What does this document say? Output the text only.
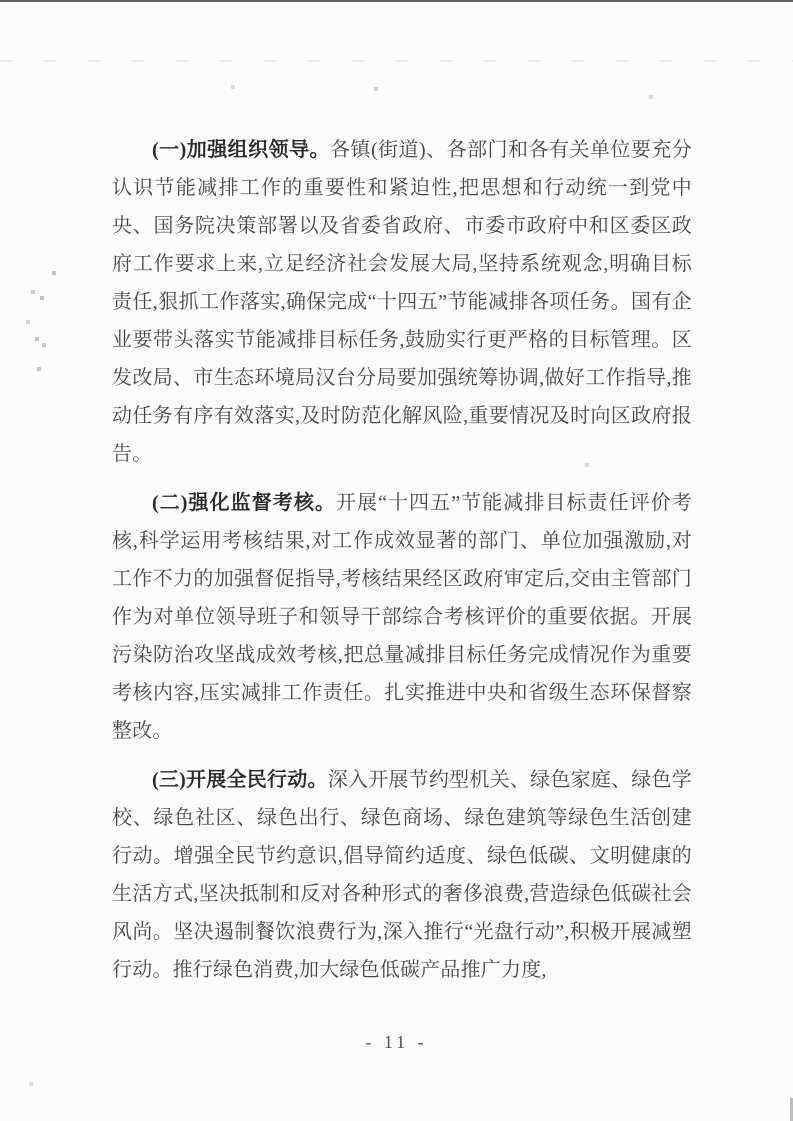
(一)加强组织领导。各镇(街道)、各部门和各有关单位要充分认识节能减排工作的重要性和紧迫性,把思想和行动统一到党中央、国务院决策部署以及省委省政府、市委市政府中和区委区政府工作要求上来,立足经济社会发展大局,坚持系统观念,明确目标责任,狠抓工作落实,确保完成“十四五”节能减排各项任务。国有企业要带头落实节能减排目标任务,鼓励实行更严格的目标管理。区发改局、市生态环境局汉台分局要加强统筹协调,做好工作指导,推动任务有序有效落实,及时防范化解风险,重要情况及时向区政府报告。

(二)强化监督考核。开展“十四五”节能减排目标责任评价考核,科学运用考核结果,对工作成效显著的部门、单位加强激励,对工作不力的加强督促指导,考核结果经区政府审定后,交由主管部门作为对单位领导班子和领导干部综合考核评价的重要依据。开展污染防治攻坚战成效考核,把总量减排目标任务完成情况作为重要考核内容,压实减排工作责任。扎实推进中央和省级生态环保督察整改。

(三)开展全民行动。深入开展节约型机关、绿色家庭、绿色学校、绿色社区、绿色出行、绿色商场、绿色建筑等绿色生活创建行动。增强全民节约意识,倡导简约适度、绿色低碳、文明健康的生活方式,坚决抵制和反对各种形式的奢侈浪费,营造绿色低碳社会风尚。坚决遏制餐饮浪费行为,深入推行“光盘行动”,积极开展减塑行动。推行绿色消费,加大绿色低碳产品推广力度,

- 11 -
